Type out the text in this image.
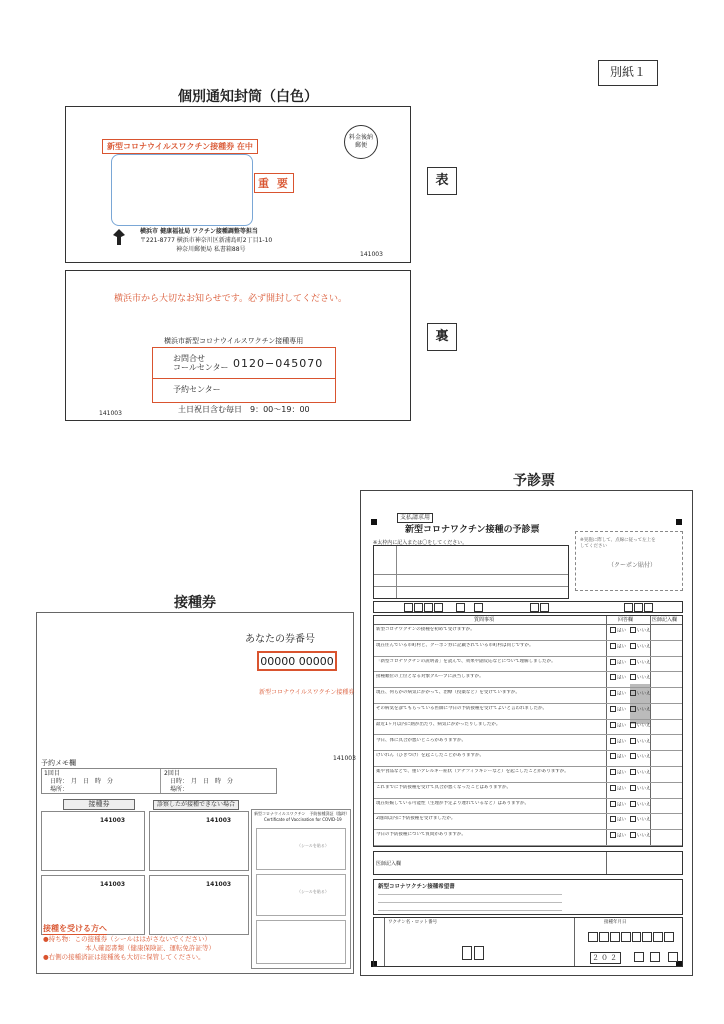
別紙１
個別通知封筒（白色）
新型コロナウイルスワクチン接種券 在中
重 要
料金後納郵便
横浜市 健康福祉局 ワクチン接種調整等担当
〒221-8777 横浜市神奈川区新浦島町2丁目1-10
神奈川郵便局 私書箱88号
141003
表
横浜市から大切なお知らせです。必ず開封してください。
横浜市新型コロナウイルスワクチン接種専用
お問合せ
コールセンター 0120−045070
予約センター
土日祝日含む毎日　9：00～19：00
141003
裏
接種券
あなたの券番号
00000 00000
新型コロナウイルスワクチン接種券
予約メモ欄
1回目
日時：　月　日　時　分
場所：
2回目
日時：　月　日　時　分
場所：
141003
接種券	診察したが接種できない場合
141003	141003
141003	141003
新型コロナウイルスワクチン　予防接種済証（臨時）
Certificate of Vaccination for COVID-19
（シールを貼る）
（シールを貼る）
接種を受ける方へ
●持ち物：この接種券（シールははがさないでください）
本人確認書類（健康保険証、運転免許証等）
●右側の接種済証は接種後も大切に保管してください。
予診票
支払請求用
新型コロナワクチン接種の予診票
※太枠内に記入または〇をしてください。	※実施に際して、点線に従って左上をしてください
（クーポン貼付）
質問事項	回答欄	医師記入欄
新型コロナワクチンの接種を初めて受けますか。	はい	いいえ
現在住んでいる市町村と、クーポン券に記載されている市町村は同じですか。	はい	いいえ
「新型コロナワクチンの説明書」を読んで、効果や副反応などについて理解しましたか。	はい	いいえ
接種順位の上位となる対象グループに該当しますか。	はい	いいえ
現在、何らかの病気にかかって、治療（投薬など）を受けていますか。	はい	いいえ
その病気を診てもらっている医師に今日の予防接種を受けてよいと言われましたか。	はい	いいえ
最近1ヶ月以内に熱が出たり、病気にかかったりしましたか。	はい	いいえ
今日、体に具合が悪いところがありますか。	はい	いいえ
けいれん（ひきつけ）を起こしたことがありますか。	はい	いいえ
薬や食品などで、重いアレルギー症状（アナフィラキシーなど）を起こしたことがありますか。	はい	いいえ
これまでに予防接種を受けて具合が悪くなったことはありますか。	はい	いいえ
現在妊娠している可能性（生理が予定より遅れているなど）はありますか。	はい	いいえ
2週間以内に予防接種を受けましたか。	はい	いいえ
今日の予防接種について質問がありますか。	はい	いいえ
医師記入欄
新型コロナワクチン接種希望書
ワクチン名・ロット番号	接種年月日
２０２
